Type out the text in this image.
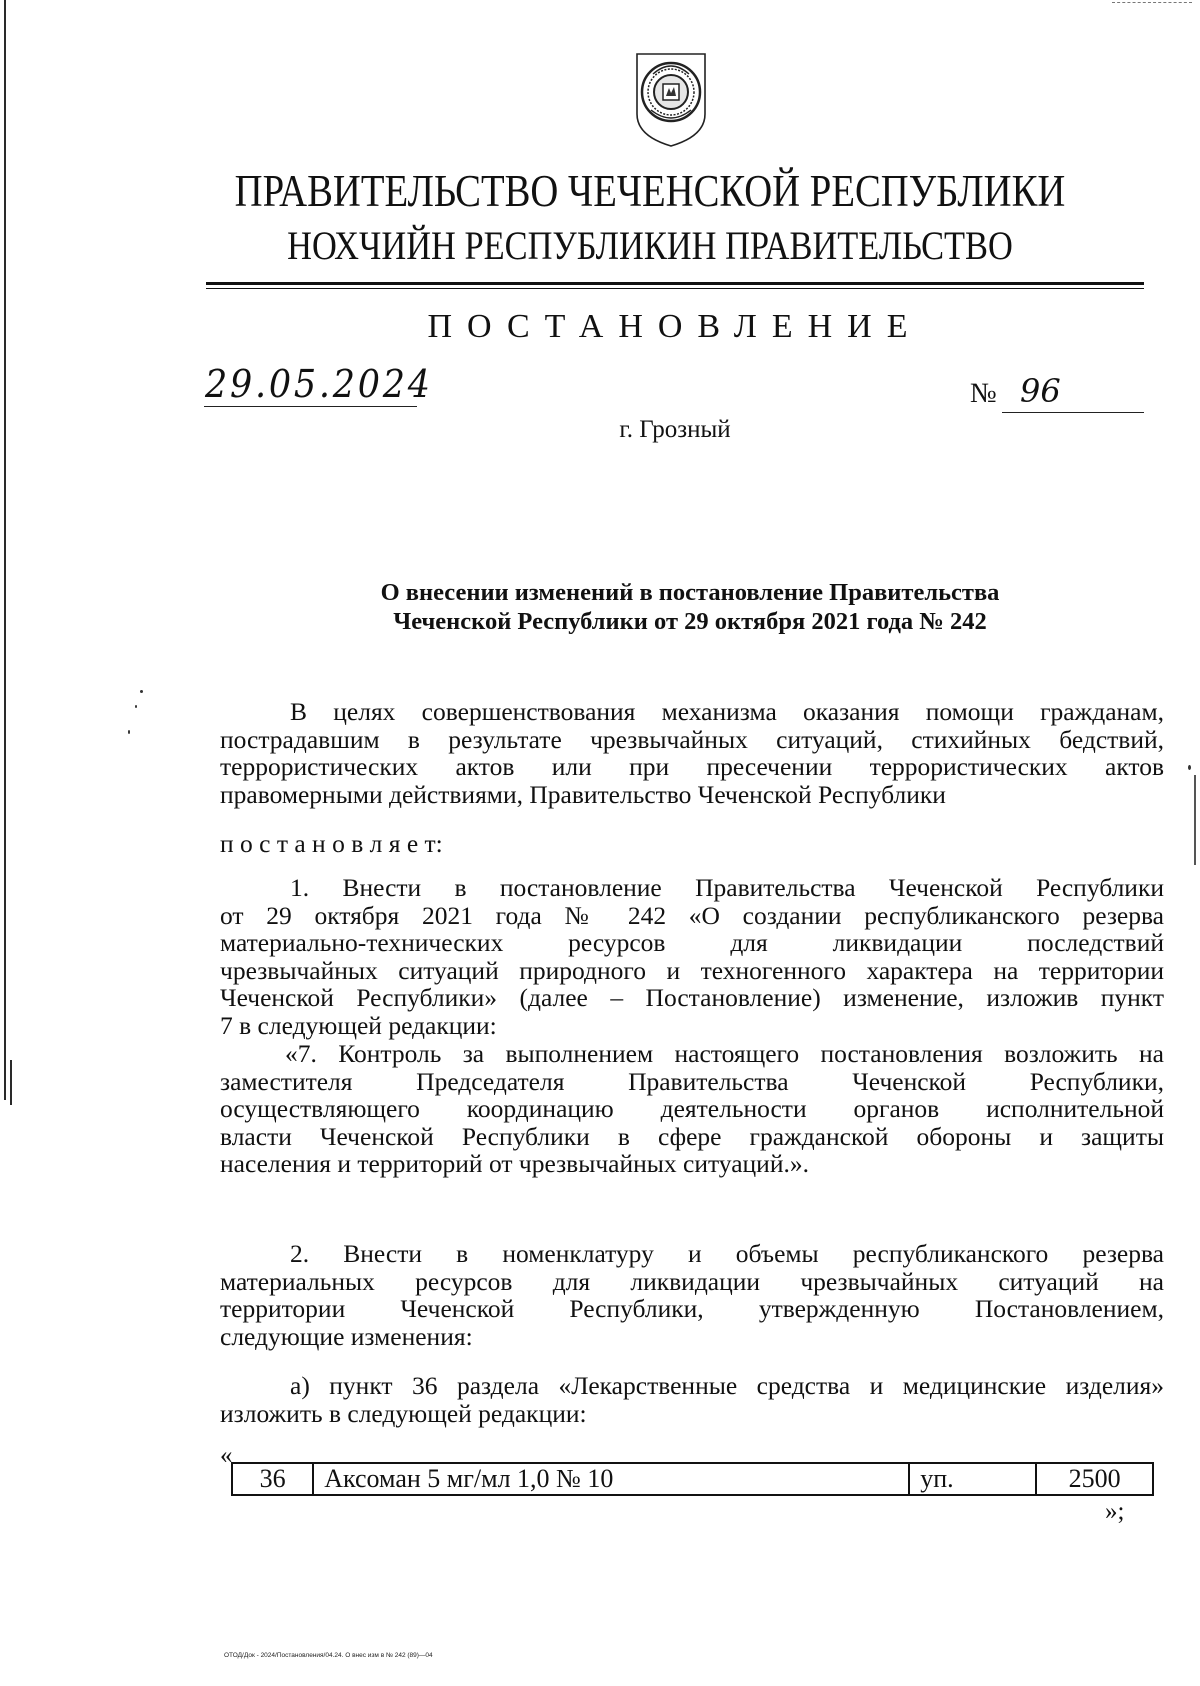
ПРАВИТЕЛЬСТВО ЧЕЧЕНСКОЙ РЕСПУБЛИКИ
НОХЧИЙН РЕСПУБЛИКИН ПРАВИТЕЛЬСТВО
ПОСТАНОВЛЕНИЕ
29.05.2024	№ 96
г. Грозный
О внесении изменений в постановление Правительства
Чеченской Республики от 29 октября 2021 года № 242
В целях совершенствования механизма оказания помощи гражданам,
пострадавшим в результате чрезвычайных ситуаций, стихийных бедствий,
террористических актов или при пресечении террористических актов
правомерными действиями, Правительство Чеченской Республики
п о с т а н о в л я е т:
1. Внести в постановление Правительства Чеченской Республики
от 29 октября 2021 года № 242 «О создании республиканского резерва
материально-технических ресурсов для ликвидации последствий
чрезвычайных ситуаций природного и техногенного характера на территории
Чеченской Республики» (далее – Постановление) изменение, изложив пункт
7 в следующей редакции:
«7. Контроль за выполнением настоящего постановления возложить на
заместителя Председателя Правительства Чеченской Республики,
осуществляющего координацию деятельности органов исполнительной
власти Чеченской Республики в сфере гражданской обороны и защиты
населения и территорий от чрезвычайных ситуаций.».
2. Внести в номенклатуру и объемы республиканского резерва
материальных ресурсов для ликвидации чрезвычайных ситуаций на
территории Чеченской Республики, утвержденную Постановлением,
следующие изменения:
а) пункт 36 раздела «Лекарственные средства и медицинские изделия»
изложить в следующей редакции:
«
36	Аксоман 5 мг/мл 1,0 № 10	уп.	2500
»;
ОТОД/Док - 2024/Постановления/04.24. О внес изм в № 242 (89)—04
